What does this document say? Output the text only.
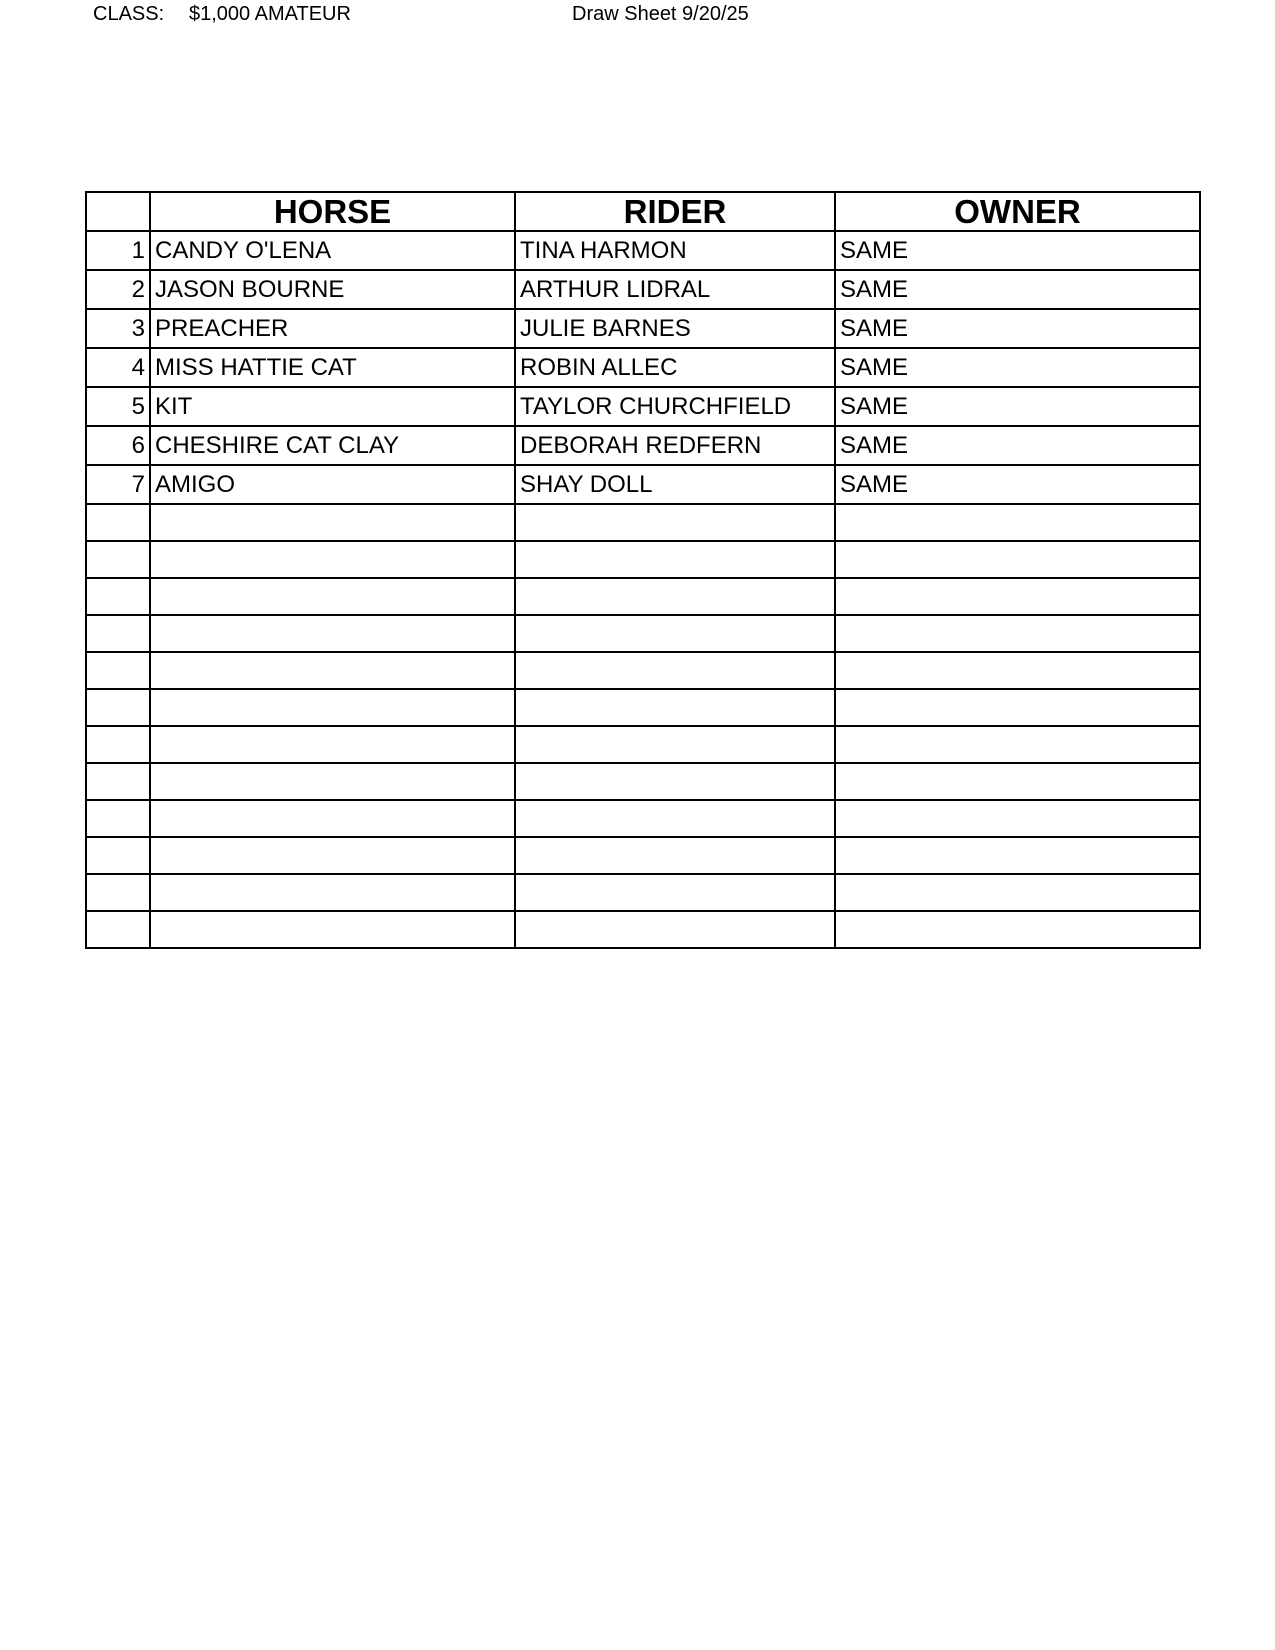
CLASS: $1,000 AMATEUR	Draw Sheet 9/20/25
	HORSE	RIDER	OWNER
1	CANDY O'LENA	TINA HARMON	SAME
2	JASON BOURNE	ARTHUR LIDRAL	SAME
3	PREACHER	JULIE BARNES	SAME
4	MISS HATTIE CAT	ROBIN ALLEC	SAME
5	KIT	TAYLOR CHURCHFIELD	SAME
6	CHESHIRE CAT CLAY	DEBORAH REDFERN	SAME
7	AMIGO	SHAY DOLL	SAME
